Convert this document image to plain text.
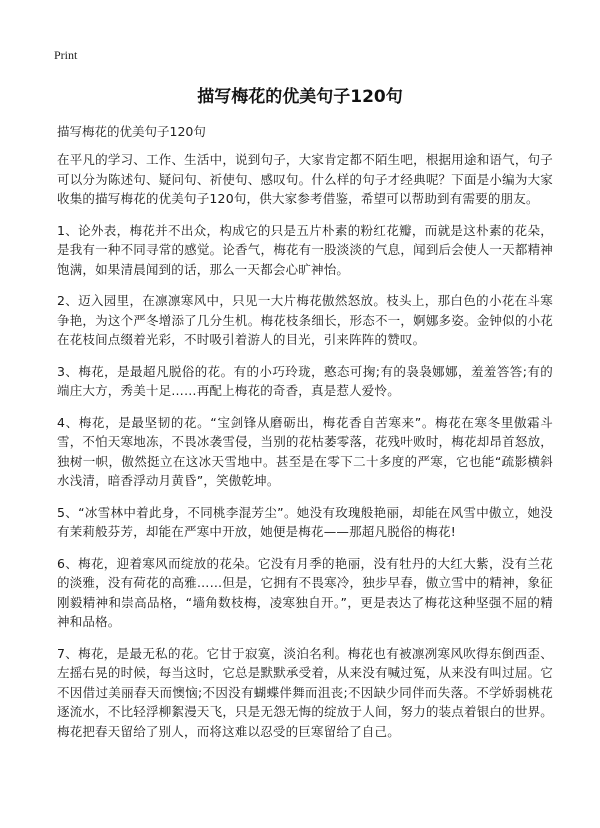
Print
描写梅花的优美句子120句
描写梅花的优美句子120句

在平凡的学习、工作、生活中，说到句子，大家肯定都不陌生吧，根据用途和语气，句子可以分为陈述句、疑问句、祈使句、感叹句。什么样的句子才经典呢？下面是小编为大家收集的描写梅花的优美句子120句，供大家参考借鉴，希望可以帮助到有需要的朋友。

1、论外表，梅花并不出众，构成它的只是五片朴素的粉红花瓣，而就是这朴素的花朵，是我有一种不同寻常的感觉。论香气，梅花有一股淡淡的气息，闻到后会使人一天都精神饱满，如果清晨闻到的话，那么一天都会心旷神怡。

2、迈入园里，在凛凛寒风中，只见一大片梅花傲然怒放。枝头上，那白色的小花在斗寒争艳，为这个严冬增添了几分生机。梅花枝条细长，形态不一，婀娜多姿。金钟似的小花在花枝间点缀着光彩，不时吸引着游人的目光，引来阵阵的赞叹。

3、梅花，是最超凡脱俗的花。有的小巧玲珑，憨态可掬;有的袅袅娜娜，羞羞答答;有的端庄大方，秀美十足……再配上梅花的奇香，真是惹人爱怜。

4、梅花，是最坚韧的花。“宝剑锋从磨砺出，梅花香自苦寒来”。梅花在寒冬里傲霜斗雪，不怕天寒地冻，不畏冰袭雪侵，当别的花枯萎零落，花残叶败时，梅花却昂首怒放，独树一帜，傲然挺立在这冰天雪地中。甚至是在零下二十多度的严寒，它也能“疏影横斜水浅清，暗香浮动月黄昏”，笑傲乾坤。

5、“冰雪林中着此身，不同桃李混芳尘”。她没有玫瑰般艳丽，却能在风雪中傲立，她没有茉莉般芬芳，却能在严寒中开放，她便是梅花——那超凡脱俗的梅花!

6、梅花，迎着寒风而绽放的花朵。它没有月季的艳丽，没有牡丹的大红大紫，没有兰花的淡雅，没有荷花的高雅……但是，它拥有不畏寒冷，独步早春，傲立雪中的精神，象征刚毅精神和崇高品格，“墙角数枝梅，凌寒独自开。”，更是表达了梅花这种坚强不屈的精神和品格。

7、梅花，是最无私的花。它甘于寂寞，淡泊名利。梅花也有被凛冽寒风吹得东倒西歪、左摇右晃的时候，每当这时，它总是默默承受着，从来没有喊过冤，从来没有叫过屈。它不因借过美丽春天而懊恼;不因没有蝴蝶伴舞而沮丧;不因缺少同伴而失落。不学娇弱桃花逐流水，不比轻浮柳絮漫天飞，只是无怨无悔的绽放于人间，努力的装点着银白的世界。梅花把春天留给了别人，而将这难以忍受的巨寒留给了自己。
